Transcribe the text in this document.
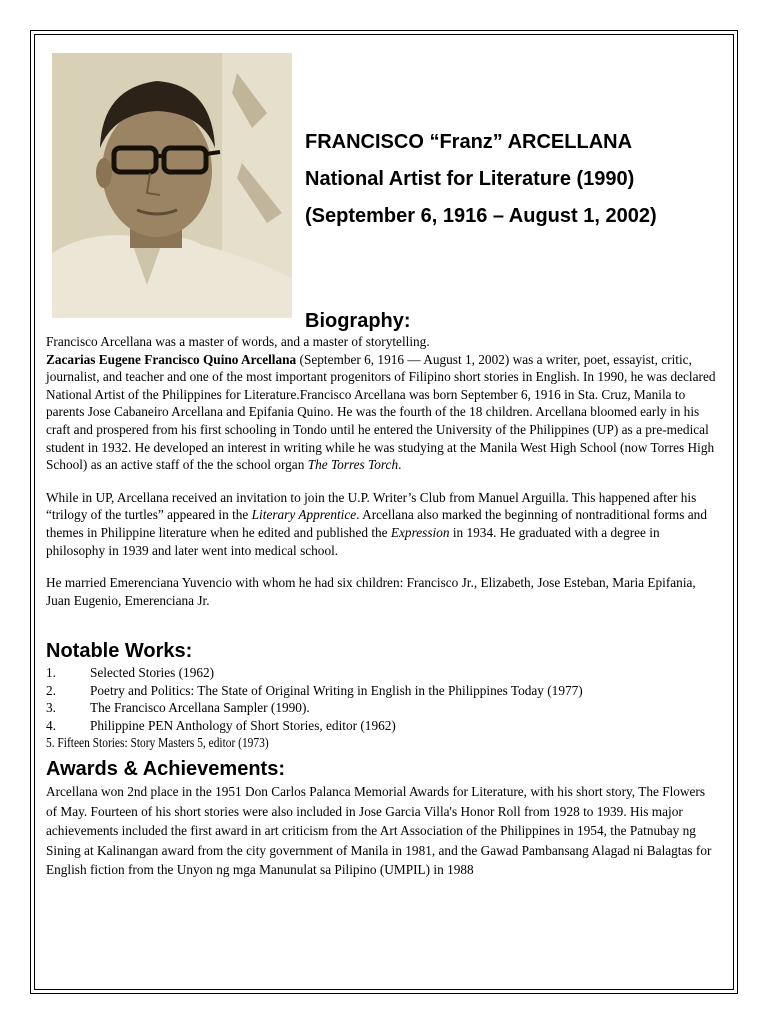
FRANCISCO “Franz” ARCELLANA
National Artist for Literature (1990)
(September 6, 1916 – August 1, 2002)
Biography:

Francisco Arcellana was a master of words, and a master of storytelling.

Zacarias Eugene Francisco Quino Arcellana (September 6, 1916 — August 1, 2002) was a writer, poet, essayist, critic, journalist, and teacher and one of the most important progenitors of Filipino short stories in English. In 1990, he was declared National Artist of the Philippines for Literature.Francisco Arcellana was born September 6, 1916 in Sta. Cruz, Manila to parents Jose Cabaneiro Arcellana and Epifania Quino. He was the fourth of the 18 children. Arcellana bloomed early in his craft and prospered from his first schooling in Tondo until he entered the University of the Philippines (UP) as a pre-medical student in 1932. He developed an interest in writing while he was studying at the Manila West High School (now Torres High School) as an active staff of the the school organ The Torres Torch.

While in UP, Arcellana received an invitation to join the U.P. Writer’s Club from Manuel Arguilla. This happened after his “trilogy of the turtles” appeared in the Literary Apprentice. Arcellana also marked the beginning of nontraditional forms and themes in Philippine literature when he edited and published the Expression in 1934. He graduated with a degree in philosophy in 1939 and later went into medical school.

He married Emerenciana Yuvencio with whom he had six children: Francisco Jr., Elizabeth, Jose Esteban, Maria Epifania, Juan Eugenio, Emerenciana Jr.

Notable Works:
1.	Selected Stories (1962)
2.	Poetry and Politics: The State of Original Writing in English in the Philippines Today (1977)
3.	The Francisco Arcellana Sampler (1990).
4.	Philippine PEN Anthology of Short Stories, editor (1962)
5. Fifteen Stories: Story Masters 5, editor (1973)
Awards & Achievements:
Arcellana won 2nd place in the 1951 Don Carlos Palanca Memorial Awards for Literature, with his short story, The Flowers of May. Fourteen of his short stories were also included in Jose Garcia Villa's Honor Roll from 1928 to 1939. His major achievements included the first award in art criticism from the Art Association of the Philippines in 1954, the Patnubay ng Sining at Kalinangan award from the city government of Manila in 1981, and the Gawad Pambansang Alagad ni Balagtas for English fiction from the Unyon ng mga Manunulat sa Pilipino (UMPIL) in 1988
